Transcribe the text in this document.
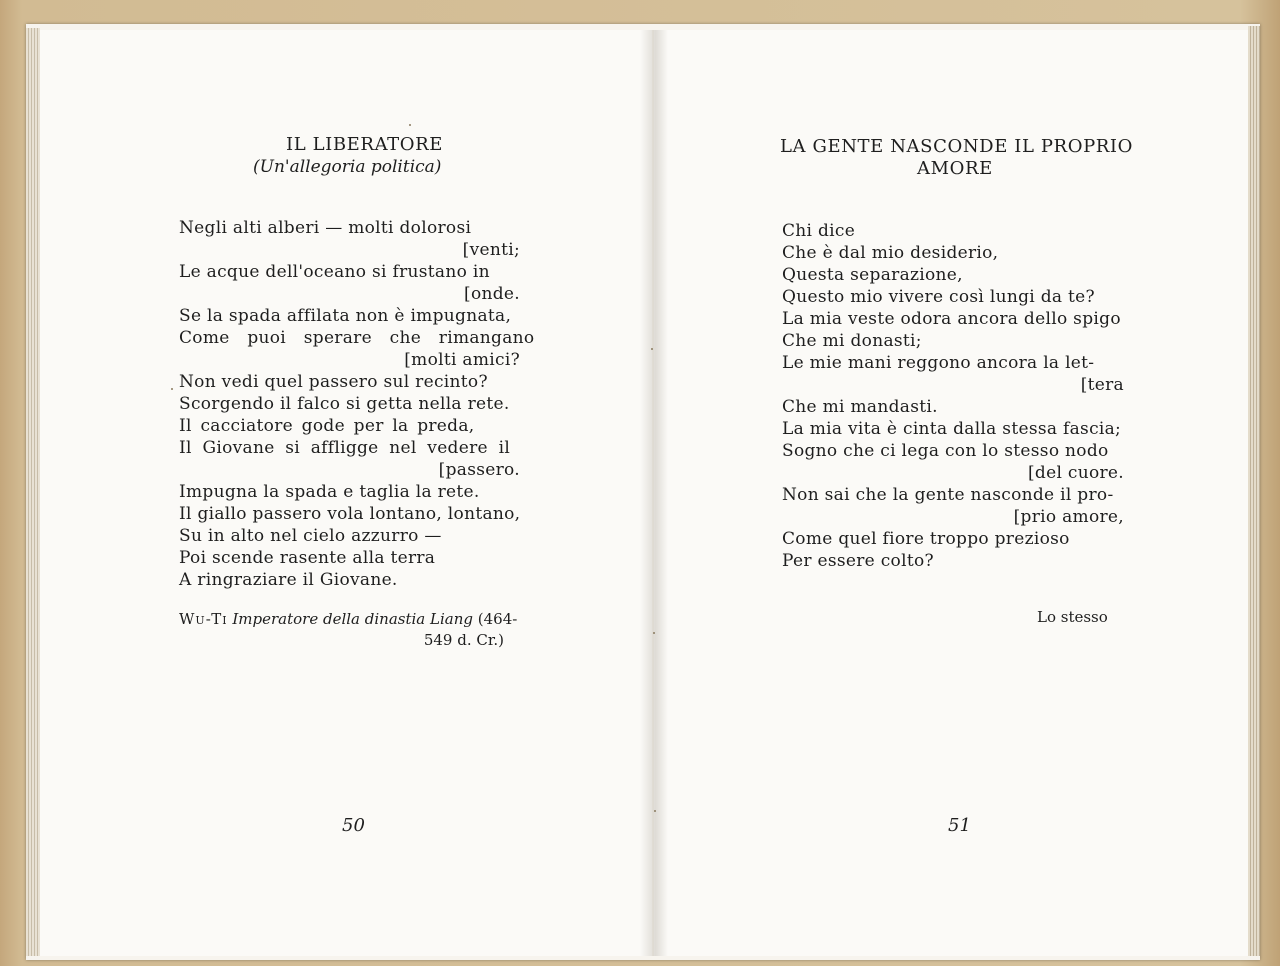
IL LIBERATORE
(Un'allegoria politica)
Negli alti alberi — molti dolorosi
[venti;
Le acque dell'oceano si frustano in
[onde.
Se la spada affilata non è impugnata,
Come puoi sperare che rimangano
[molti amici?
Non vedi quel passero sul recinto?
Scorgendo il falco si getta nella rete.
Il cacciatore gode per la preda,
Il Giovane si affligge nel vedere il
[passero.
Impugna la spada e taglia la rete.
Il giallo passero vola lontano, lontano,
Su in alto nel cielo azzurro —
Poi scende rasente alla terra
A ringraziare il Giovane.
Wu-Ti Imperatore della dinastia Liang (464-
549 d. Cr.)
50
LA GENTE NASCONDE IL PROPRIO
AMORE
Chi dice
Che è dal mio desiderio,
Questa separazione,
Questo mio vivere così lungi da te?
La mia veste odora ancora dello spigo
Che mi donasti;
Le mie mani reggono ancora la let-
[tera
Che mi mandasti.
La mia vita è cinta dalla stessa fascia;
Sogno che ci lega con lo stesso nodo
[del cuore.
Non sai che la gente nasconde il pro-
[prio amore,
Come quel fiore troppo prezioso
Per essere colto?
Lo stesso
51
